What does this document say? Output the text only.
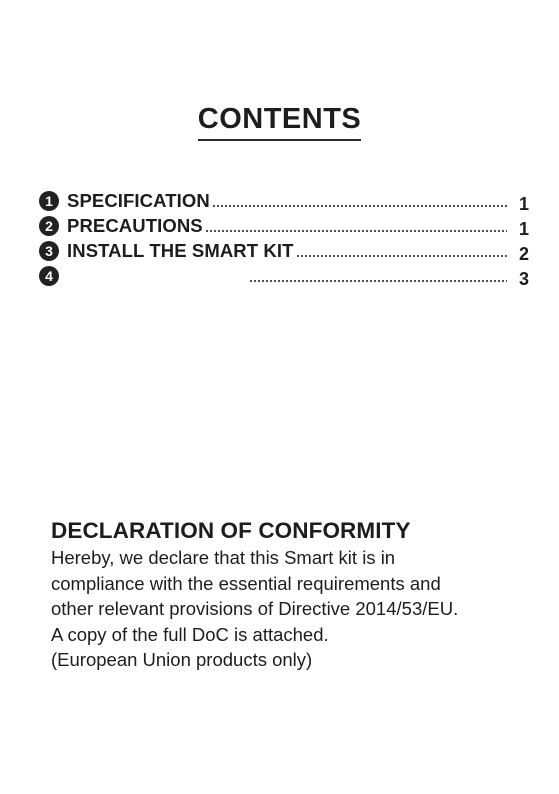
CONTENTS
1 SPECIFICATION	1
2 PRECAUTIONS	1
3 INSTALL THE SMART KIT	2
4	3
DECLARATION OF CONFORMITY
Hereby, we declare that this Smart kit is in
compliance with the essential requirements and
other relevant provisions of Directive 2014/53/EU.
A copy of the full DoC is attached.
(European Union products only)
